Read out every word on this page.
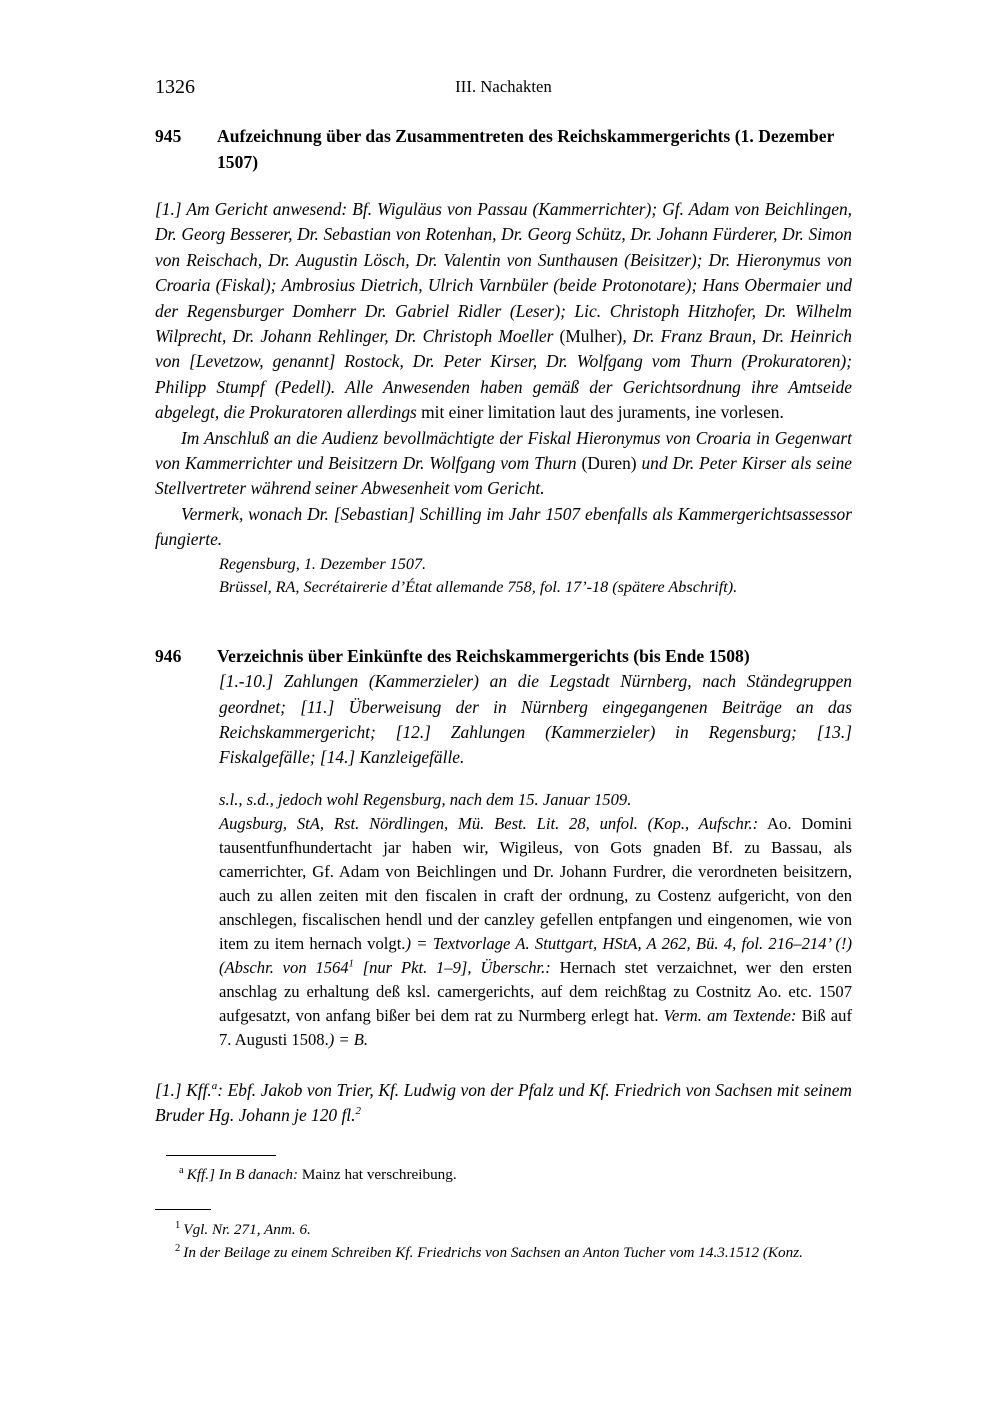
1326	III. Nachakten
945	Aufzeichnung über das Zusammentreten des Reichskammergerichts (1. Dezember 1507)

[1.] Am Gericht anwesend: Bf. Wiguläus von Passau (Kammerrichter); Gf. Adam von Beichlingen, Dr. Georg Besserer, Dr. Sebastian von Rotenhan, Dr. Georg Schütz, Dr. Johann Fürderer, Dr. Simon von Reischach, Dr. Augustin Lösch, Dr. Valentin von Sunthausen (Beisitzer); Dr. Hieronymus von Croaria (Fiskal); Ambrosius Dietrich, Ulrich Varnbüler (beide Protonotare); Hans Obermaier und der Regensburger Domherr Dr. Gabriel Ridler (Leser); Lic. Christoph Hitzhofer, Dr. Wilhelm Wilprecht, Dr. Johann Rehlinger, Dr. Christoph Moeller (Mulher), Dr. Franz Braun, Dr. Heinrich von [Levetzow, genannt] Rostock, Dr. Peter Kirser, Dr. Wolfgang vom Thurn (Prokuratoren); Philipp Stumpf (Pedell). Alle Anwesenden haben gemäß der Gerichtsordnung ihre Amtseide abgelegt, die Prokuratoren allerdings mit einer limitation laut des juraments, ine vorlesen.

Im Anschluß an die Audienz bevollmächtigte der Fiskal Hieronymus von Croaria in Gegenwart von Kammerrichter und Beisitzern Dr. Wolfgang vom Thurn (Duren) und Dr. Peter Kirser als seine Stellvertreter während seiner Abwesenheit vom Gericht.

Vermerk, wonach Dr. [Sebastian] Schilling im Jahr 1507 ebenfalls als Kammergerichtsassessor fungierte.

Regensburg, 1. Dezember 1507.
Brüssel, RA, Secrétairerie d’État allemande 758, fol. 17’-18 (spätere Abschrift).
946	Verzeichnis über Einkünfte des Reichskammergerichts (bis Ende 1508)

[1.-10.] Zahlungen (Kammerzieler) an die Legstadt Nürnberg, nach Ständegruppen geordnet; [11.] Überweisung der in Nürnberg eingegangenen Beiträge an das Reichskammergericht; [12.] Zahlungen (Kammerzieler) in Regensburg; [13.] Fiskalgefälle; [14.] Kanzleigefälle.

s.l., s.d., jedoch wohl Regensburg, nach dem 15. Januar 1509.
Augsburg, StA, Rst. Nördlingen, Mü. Best. Lit. 28, unfol. (Kop., Aufschr.: Ao. Domini tausentfunfhundertacht jar haben wir, Wigileus, von Gots gnaden Bf. zu Bassau, als camerrichter, Gf. Adam von Beichlingen und Dr. Johann Furdrer, die verordneten beisitzern, auch zu allen zeiten mit den fiscalen in craft der ordnung, zu Costenz aufgericht, von den anschlegen, fiscalischen hendl und der canzley gefellen entpfangen und eingenomen, wie von item zu item hernach volgt.) = Textvorlage A. Stuttgart, HStA, A 262, Bü. 4, fol. 216–214’ (!) (Abschr. von 1564$^1$ [nur Pkt. 1–9], Überschr.: Hernach stet verzaichnet, wer den ersten anschlag zu erhaltung deß ksl. camergerichts, auf dem reichßtag zu Costnitz Ao. etc. 1507 aufgesatzt, von anfang bißer bei dem rat zu Nurmberg erlegt hat. Verm. am Textende: Biß auf 7. Augusti 1508.) = B.

[1.] Kff.$^a$: Ebf. Jakob von Trier, Kf. Ludwig von der Pfalz und Kf. Friedrich von Sachsen mit seinem Bruder Hg. Johann je 120 fl.$^2$

$^a$ Kff.] In B danach: Mainz hat verschreibung.

$^1$ Vgl. Nr. 271, Anm. 6.

$^2$ In der Beilage zu einem Schreiben Kf. Friedrichs von Sachsen an Anton Tucher vom 14.3.1512 (Konz.
